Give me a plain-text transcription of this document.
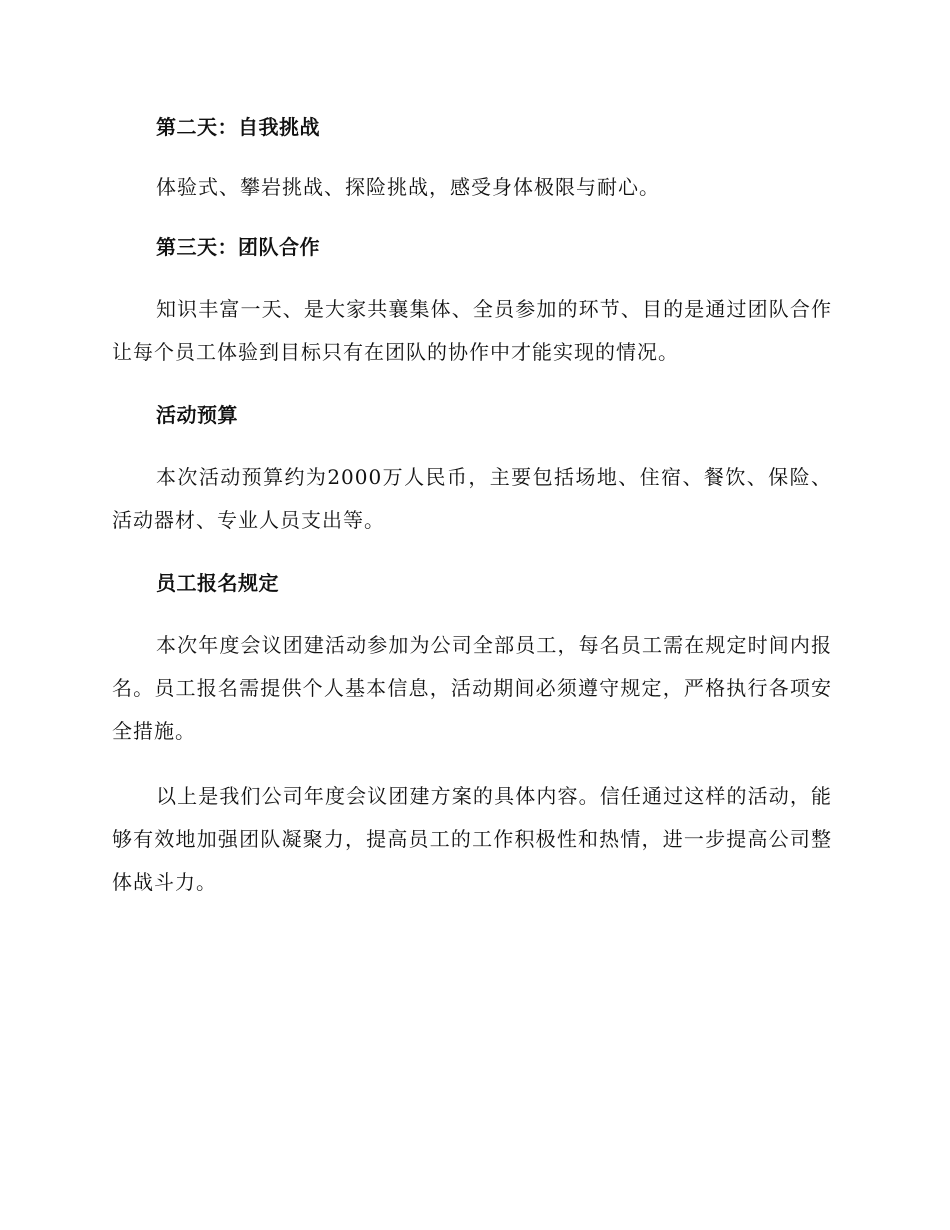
第二天：自我挑战

体验式、攀岩挑战、探险挑战，感受身体极限与耐心。

第三天：团队合作

知识丰富一天、是大家共襄集体、全员参加的环节、目的是通过团队合作让每个员工体验到目标只有在团队的协作中才能实现的情况。

活动预算

本次活动预算约为2000万人民币，主要包括场地、住宿、餐饮、保险、活动器材、专业人员支出等。

员工报名规定

本次年度会议团建活动参加为公司全部员工，每名员工需在规定时间内报名。员工报名需提供个人基本信息，活动期间必须遵守规定，严格执行各项安全措施。

以上是我们公司年度会议团建方案的具体内容。信任通过这样的活动，能够有效地加强团队凝聚力，提高员工的工作积极性和热情，进一步提高公司整体战斗力。
